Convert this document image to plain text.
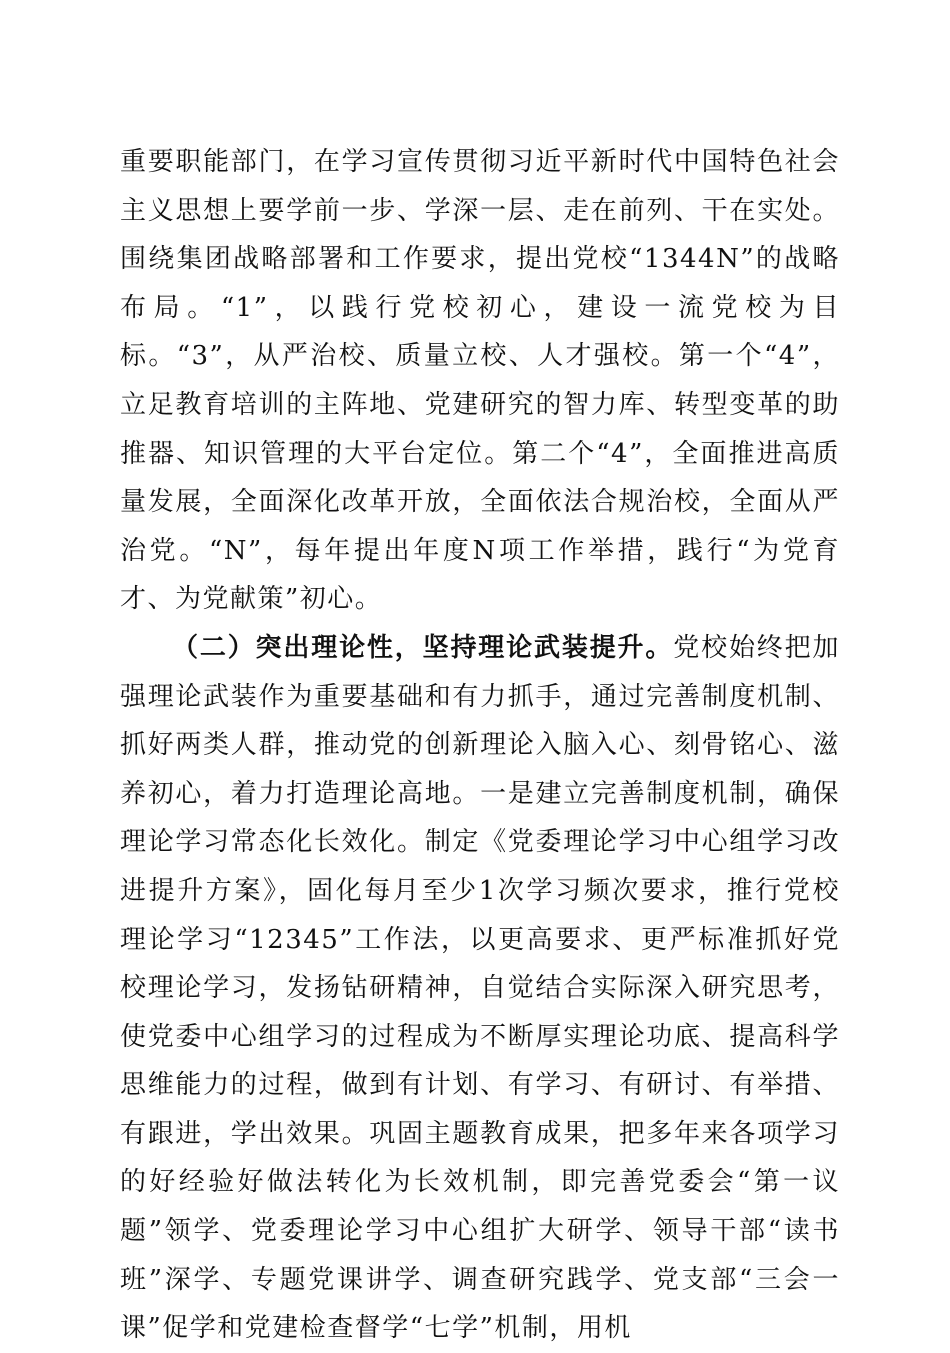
重要职能部门，在学习宣传贯彻习近平新时代中国特色社会主义思想上要学前一步、学深一层、走在前列、干在实处。围绕集团战略部署和工作要求，提出党校“1344N”的战略布局。“1”，以践行党校初心，建设一流党校为目标。“3”，从严治校、质量立校、人才强校。第一个“4”，立足教育培训的主阵地、党建研究的智力库、转型变革的助推器、知识管理的大平台定位。第二个“4”，全面推进高质量发展，全面深化改革开放，全面依法合规治校，全面从严治党。“N”，每年提出年度N项工作举措，践行“为党育才、为党献策”初心。

（二）突出理论性，坚持理论武装提升。党校始终把加强理论武装作为重要基础和有力抓手，通过完善制度机制、抓好两类人群，推动党的创新理论入脑入心、刻骨铭心、滋养初心，着力打造理论高地。一是建立完善制度机制，确保理论学习常态化长效化。制定《党委理论学习中心组学习改进提升方案》，固化每月至少1次学习频次要求，推行党校理论学习“12345”工作法，以更高要求、更严标准抓好党校理论学习，发扬钻研精神，自觉结合实际深入研究思考，使党委中心组学习的过程成为不断厚实理论功底、提高科学思维能力的过程，做到有计划、有学习、有研讨、有举措、有跟进，学出效果。巩固主题教育成果，把多年来各项学习的好经验好做法转化为长效机制，即完善党委会“第一议题”领学、党委理论学习中心组扩大研学、领导干部“读书班”深学、专题党课讲学、调查研究践学、党支部“三会一课”促学和党建检查督学“七学”机制，用机
